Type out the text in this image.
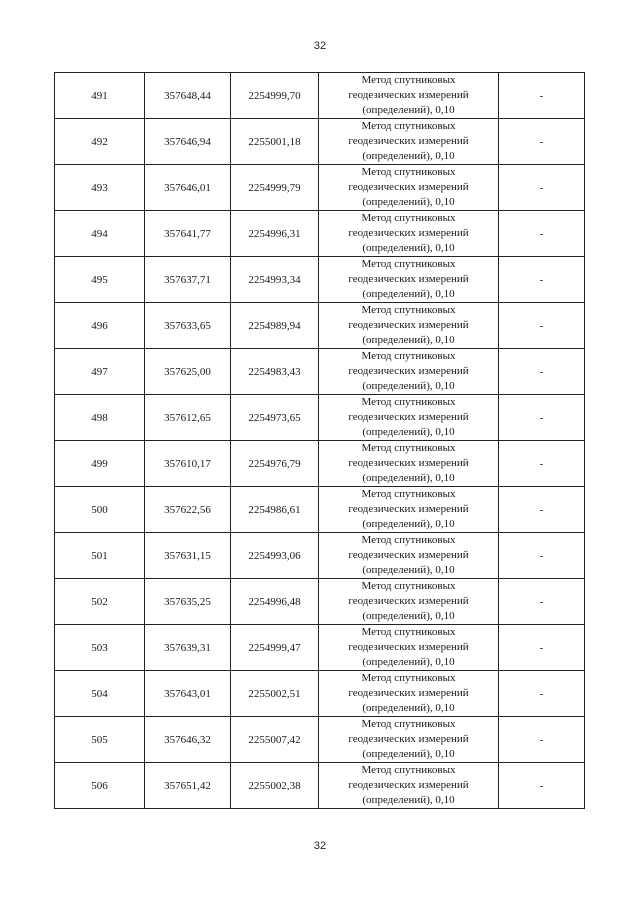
32
491	357648,44	2254999,70	Метод спутниковых
геодезических измерений
(определений), 0,10	-
492	357646,94	2255001,18	Метод спутниковых
геодезических измерений
(определений), 0,10	-
493	357646,01	2254999,79	Метод спутниковых
геодезических измерений
(определений), 0,10	-
494	357641,77	2254996,31	Метод спутниковых
геодезических измерений
(определений), 0,10	-
495	357637,71	2254993,34	Метод спутниковых
геодезических измерений
(определений), 0,10	-
496	357633,65	2254989,94	Метод спутниковых
геодезических измерений
(определений), 0,10	-
497	357625,00	2254983,43	Метод спутниковых
геодезических измерений
(определений), 0,10	-
498	357612,65	2254973,65	Метод спутниковых
геодезических измерений
(определений), 0,10	-
499	357610,17	2254976,79	Метод спутниковых
геодезических измерений
(определений), 0,10	-
500	357622,56	2254986,61	Метод спутниковых
геодезических измерений
(определений), 0,10	-
501	357631,15	2254993,06	Метод спутниковых
геодезических измерений
(определений), 0,10	-
502	357635,25	2254996,48	Метод спутниковых
геодезических измерений
(определений), 0,10	-
503	357639,31	2254999,47	Метод спутниковых
геодезических измерений
(определений), 0,10	-
504	357643,01	2255002,51	Метод спутниковых
геодезических измерений
(определений), 0,10	-
505	357646,32	2255007,42	Метод спутниковых
геодезических измерений
(определений), 0,10	-
506	357651,42	2255002,38	Метод спутниковых
геодезических измерений
(определений), 0,10	-
32
